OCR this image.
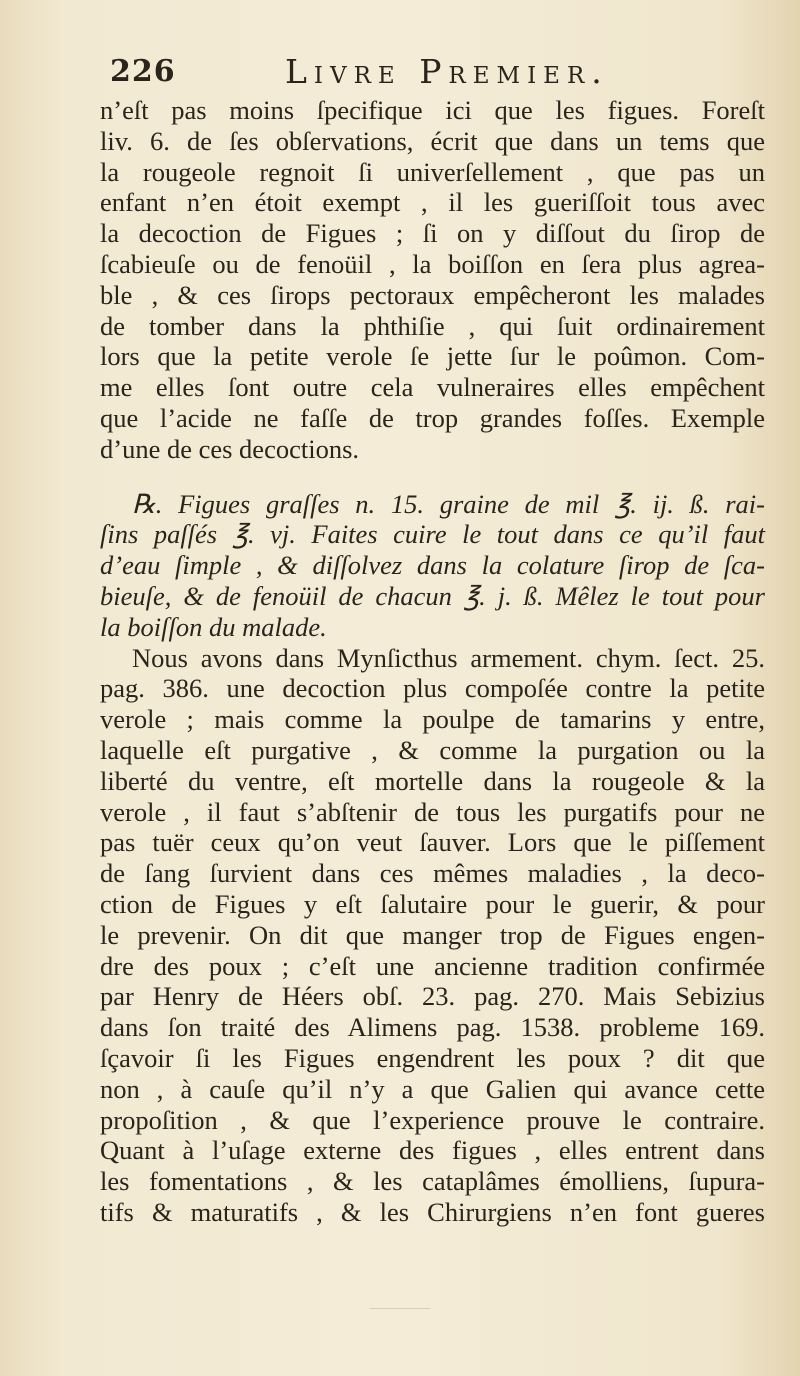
226	Livre Premier.
n’eſt pas moins ſpecifique ici que les figues. Foreſt
liv. 6. de ſes obſervations, écrit que dans un tems que
la rougeole regnoit ſi univerſellement , que pas un
enfant n’en étoit exempt , il les gueriſſoit tous avec
la decoction de Figues ; ſi on y diſſout du ſirop de
ſcabieuſe ou de fenoüil , la boiſſon en ſera plus agrea-
ble , & ces ſirops pectoraux empêcheront les malades
de tomber dans la phthiſie , qui ſuit ordinairement
lors que la petite verole ſe jette ſur le poûmon. Com-
me elles ſont outre cela vulneraires elles empêchent
que l’acide ne faſſe de trop grandes foſſes. Exemple
d’une de ces decoctions.
℞. Figues graſſes n. 15. graine de mil ℥. ij. ß. rai-
ſins paſſés ℥. vj. Faites cuire le tout dans ce qu’il faut
d’eau ſimple , & diſſolvez dans la colature ſirop de ſca-
bieuſe, & de fenoüil de chacun ℥. j. ß. Mêlez le tout pour
la boiſſon du malade.
Nous avons dans Mynſicthus armement. chym. ſect. 25.
pag. 386. une decoction plus compoſée contre la petite
verole ; mais comme la poulpe de tamarins y entre,
laquelle eſt purgative , & comme la purgation ou la
liberté du ventre, eſt mortelle dans la rougeole & la
verole , il faut s’abſtenir de tous les purgatifs pour ne
pas tuër ceux qu’on veut ſauver. Lors que le piſſement
de ſang ſurvient dans ces mêmes maladies , la deco-
ction de Figues y eſt ſalutaire pour le guerir, & pour
le prevenir. On dit que manger trop de Figues engen-
dre des poux ; c’eſt une ancienne tradition confirmée
par Henry de Héers obſ. 23. pag. 270. Mais Sebizius
dans ſon traité des Alimens pag. 1538. probleme 169.
ſçavoir ſi les Figues engendrent les poux ? dit que
non , à cauſe qu’il n’y a que Galien qui avance cette
propoſition , & que l’experience prouve le contraire.
Quant à l’uſage externe des figues , elles entrent dans
les fomentations , & les cataplâmes émolliens, ſupura-
tifs & maturatifs , & les Chirurgiens n’en font gueres
